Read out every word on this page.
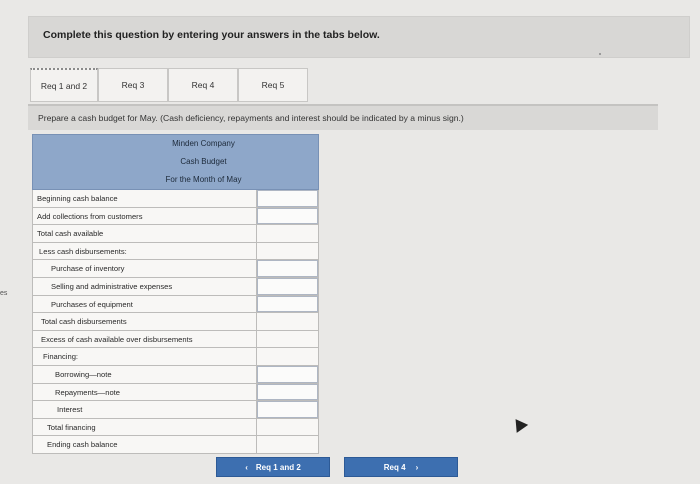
es
Complete this question by entering your answers in the tabs below.
Req 1 and 2	Req 3	Req 4	Req 5
Prepare a cash budget for May. (Cash deficiency, repayments and interest should be indicated by a minus sign.)
Minden Company
Cash Budget
For the Month of May
Beginning cash balance
Add collections from customers
Total cash available
Less cash disbursements:
Purchase of inventory
Selling and administrative expenses
Purchases of equipment
Total cash disbursements
Excess of cash available over disbursements
Financing:
Borrowing—note
Repayments—note
Interest
Total financing
Ending cash balance
‹ Req 1 and 2	Req 4 ›
